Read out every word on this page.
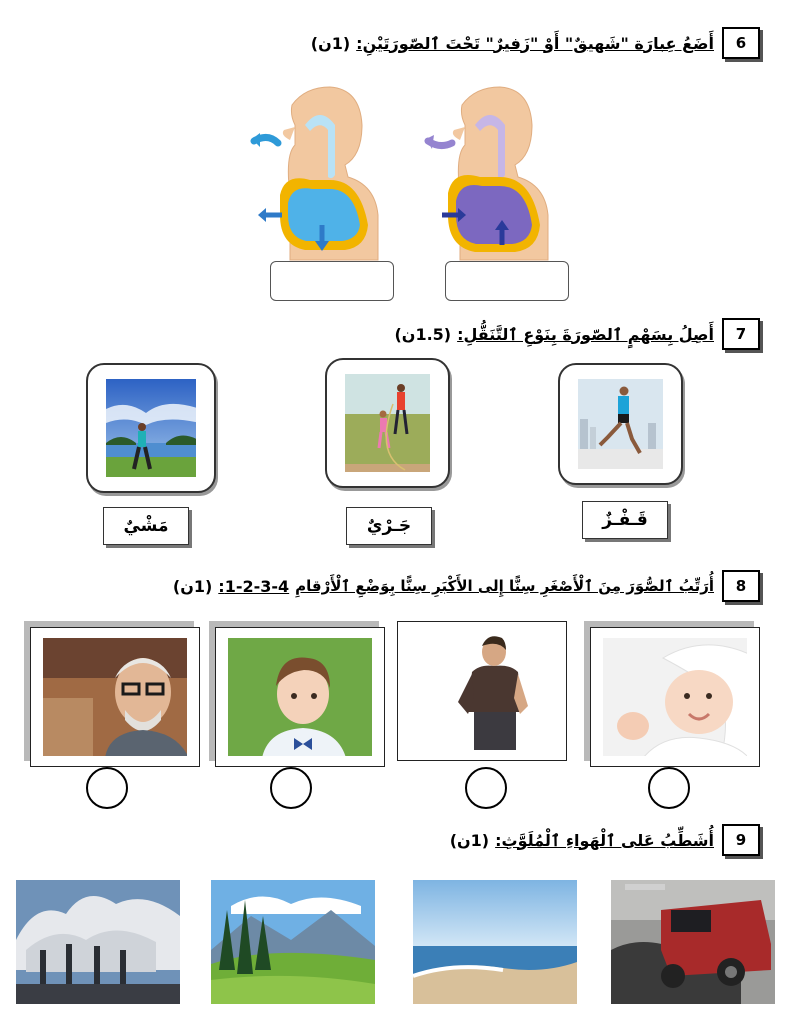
6
أَضَعُ عِبارَة "شَهيقٌ" أَوْ "زَفيرٌ" تَحْتَ ٱلصّورَتَيْنِ:
(1ن)
7
أَصِلُ بِسَهْمٍ ٱلصّورَةَ بِنَوْعِ ٱلتَّنَقُّلِ:
(1.5ن)
مَشْيٌ	جَـرْيٌ	قَـفْـزٌ
8
أُرَتِّبُ ٱلصُّوَرَ مِنَ ٱلْأَصْغَرِ سِنًّا إِلى الأَكْبَرِ سِنًّا بِوَضْعِ ٱلْأَرْقامِ
1-2-3-4:
(1ن)
9
أُشَطِّبُ عَلى ٱلْهَواءِ ٱلْمُلَوَّثِ:
(1ن)
